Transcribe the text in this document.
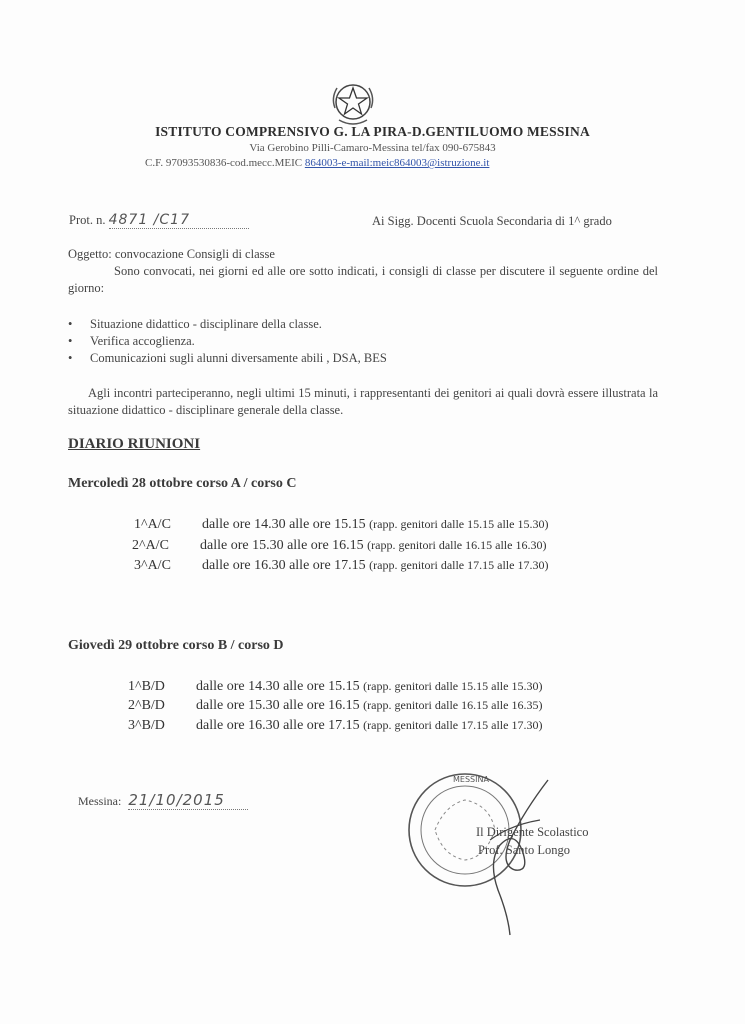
ISTITUTO COMPRENSIVO G. LA PIRA-D.GENTILUOMO MESSINA
Via Gerobino Pilli-Camaro-Messina tel/fax 090-675843
C.F. 97093530836-cod.mecc.MEIC 864003-e-mail:meic864003@istruzione.it
Prot. n. 4871 /C17	Ai Sigg. Docenti Scuola Secondaria di 1^ grado
Oggetto: convocazione Consigli di classe
Sono convocati, nei giorni ed alle ore sotto indicati, i consigli di classe per discutere il seguente ordine del giorno:
• Situazione didattico - disciplinare della classe.
• Verifica accoglienza.
• Comunicazioni sugli alunni diversamente abili , DSA, BES
Agli incontri parteciperanno, negli ultimi 15 minuti, i rappresentanti dei genitori ai quali dovrà essere illustrata la situazione didattico - disciplinare generale della classe.
DIARIO RIUNIONI
Mercoledì 28 ottobre corso A / corso C
1^A/C dalle ore 14.30 alle ore 15.15 (rapp. genitori dalle 15.15 alle 15.30)
2^A/C dalle ore 15.30 alle ore 16.15 (rapp. genitori dalle 16.15 alle 16.30)
3^A/C dalle ore 16.30 alle ore 17.15 (rapp. genitori dalle 17.15 alle 17.30)
Giovedì 29 ottobre corso B / corso D
1^B/D dalle ore 14.30 alle ore 15.15 (rapp. genitori dalle 15.15 alle 15.30)
2^B/D dalle ore 15.30 alle ore 16.15 (rapp. genitori dalle 16.15 alle 16.35)
3^B/D dalle ore 16.30 alle ore 17.15 (rapp. genitori dalle 17.15 alle 17.30)
Messina: 21/10/2015
MESSINA
Il Dirigente Scolastico
Prof. Santo Longo
